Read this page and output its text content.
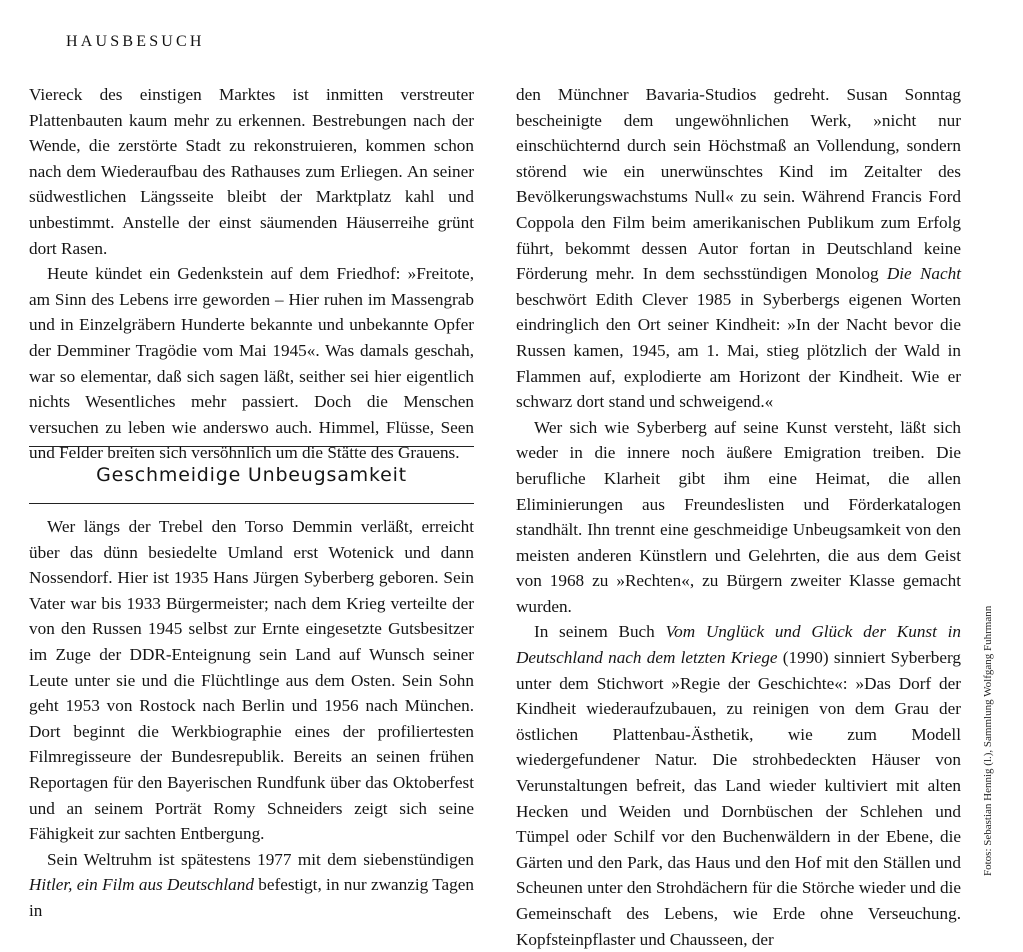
HAUSBESUCH

Viereck des einstigen Marktes ist inmitten verstreuter Plattenbauten kaum mehr zu erkennen. Bestrebungen nach der Wende, die zerstörte Stadt zu rekonstruieren, kommen schon nach dem Wiederaufbau des Rathauses zum Erliegen. An seiner südwestlichen Längsseite bleibt der Marktplatz kahl und unbestimmt. Anstelle der einst säumenden Häuserreihe grünt dort Rasen.

Heute kündet ein Gedenkstein auf dem Friedhof: »Freitote, am Sinn des Lebens irre geworden – Hier ruhen im Massengrab und in Einzelgräbern Hunderte bekannte und unbekannte Opfer der Demminer Tragödie vom Mai 1945«. Was damals geschah, war so elementar, daß sich sagen läßt, seither sei hier eigentlich nichts Wesentliches mehr passiert. Doch die Menschen versuchen zu leben wie anderswo auch. Himmel, Flüsse, Seen und Felder breiten sich versöhnlich um die Stätte des Grauens.

Geschmeidige Unbeugsamkeit

Wer längs der Trebel den Torso Demmin verläßt, erreicht über das dünn besiedelte Umland erst Wotenick und dann Nossendorf. Hier ist 1935 Hans Jürgen Syberberg geboren. Sein Vater war bis 1933 Bürgermeister; nach dem Krieg verteilte der von den Russen 1945 selbst zur Ernte eingesetzte Gutsbesitzer im Zuge der DDR-Enteignung sein Land auf Wunsch seiner Leute unter sie und die Flüchtlinge aus dem Osten. Sein Sohn geht 1953 von Rostock nach Berlin und 1956 nach München. Dort beginnt die Werkbiographie eines der profiliertesten Filmregisseure der Bundesrepublik. Bereits an seinen frühen Reportagen für den Bayerischen Rundfunk über das Oktoberfest und an seinem Porträt Romy Schneiders zeigt sich seine Fähigkeit zur sachten Entbergung.

Sein Weltruhm ist spätestens 1977 mit dem siebenstündigen Hitler, ein Film aus Deutschland befestigt, in nur zwanzig Tagen in

den Münchner Bavaria-Studios gedreht. Susan Sonntag bescheinigte dem ungewöhnlichen Werk, »nicht nur einschüchternd durch sein Höchstmaß an Vollendung, sondern störend wie ein unerwünschtes Kind im Zeitalter des Bevölkerungswachstums Null« zu sein. Während Francis Ford Coppola den Film beim amerikanischen Publikum zum Erfolg führt, bekommt dessen Autor fortan in Deutschland keine Förderung mehr. In dem sechsstündigen Monolog Die Nacht beschwört Edith Clever 1985 in Syberbergs eigenen Worten eindringlich den Ort seiner Kindheit: »In der Nacht bevor die Russen kamen, 1945, am 1. Mai, stieg plötzlich der Wald in Flammen auf, explodierte am Horizont der Kindheit. Wie er schwarz dort stand und schweigend.«

Wer sich wie Syberberg auf seine Kunst versteht, läßt sich weder in die innere noch äußere Emigration treiben. Die berufliche Klarheit gibt ihm eine Heimat, die allen Eliminierungen aus Freundeslisten und Förderkatalogen standhält. Ihn trennt eine geschmeidige Unbeugsamkeit von den meisten anderen Künstlern und Gelehrten, die aus dem Geist von 1968 zu »Rechten«, zu Bürgern zweiter Klasse gemacht wurden.

In seinem Buch Vom Unglück und Glück der Kunst in Deutschland nach dem letzten Kriege (1990) sinniert Syberberg unter dem Stichwort »Regie der Geschichte«: »Das Dorf der Kindheit wiederaufzubauen, zu reinigen von dem Grau der östlichen Plattenbau-Ästhetik, wie zum Modell wiedergefundener Natur. Die strohbedeckten Häuser von Verunstaltungen befreit, das Land wieder kultiviert mit alten Hecken und Weiden und Dornbüschen der Schlehen und Tümpel oder Schilf vor den Buchenwäldern in der Ebene, die Gärten und den Park, das Haus und den Hof mit den Ställen und Scheunen unter den Strohdächern für die Störche wieder und die Gemeinschaft des Lebens, wie Erde ohne Verseuchung. Kopfsteinpflaster und Chausseen, der

Fotos: Sebastian Hennig (l.), Sammlung Wolfgang Fuhrmann
